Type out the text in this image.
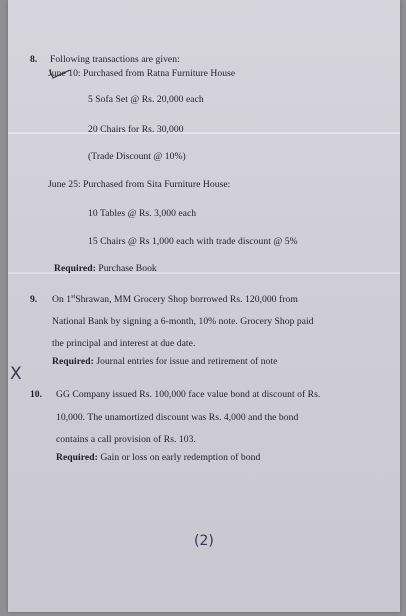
8. Following transactions are given:
June 10: Purchased from Ratna Furniture House
5 Sofa Set @ Rs. 20,000 each
20 Chairs for Rs. 30,000
(Trade Discount @ 10%)
June 25: Purchased from Sita Furniture House:
10 Tables @ Rs. 3,000 each
15 Chairs @ Rs 1,000 each with trade discount @ 5%
Required: Purchase Book
9. On 1stShrawan, MM Grocery Shop borrowed Rs. 120,000 from
National Bank by signing a 6-month, 10% note. Grocery Shop paid
the principal and interest at due date.
Required: Journal entries for issue and retirement of note
X
10. GG Company issued Rs. 100,000 face value bond at discount of Rs.
10,000. The unamortized discount was Rs. 4,000 and the bond
contains a call provision of Rs. 103.
Required: Gain or loss on early redemption of bond
(2)
